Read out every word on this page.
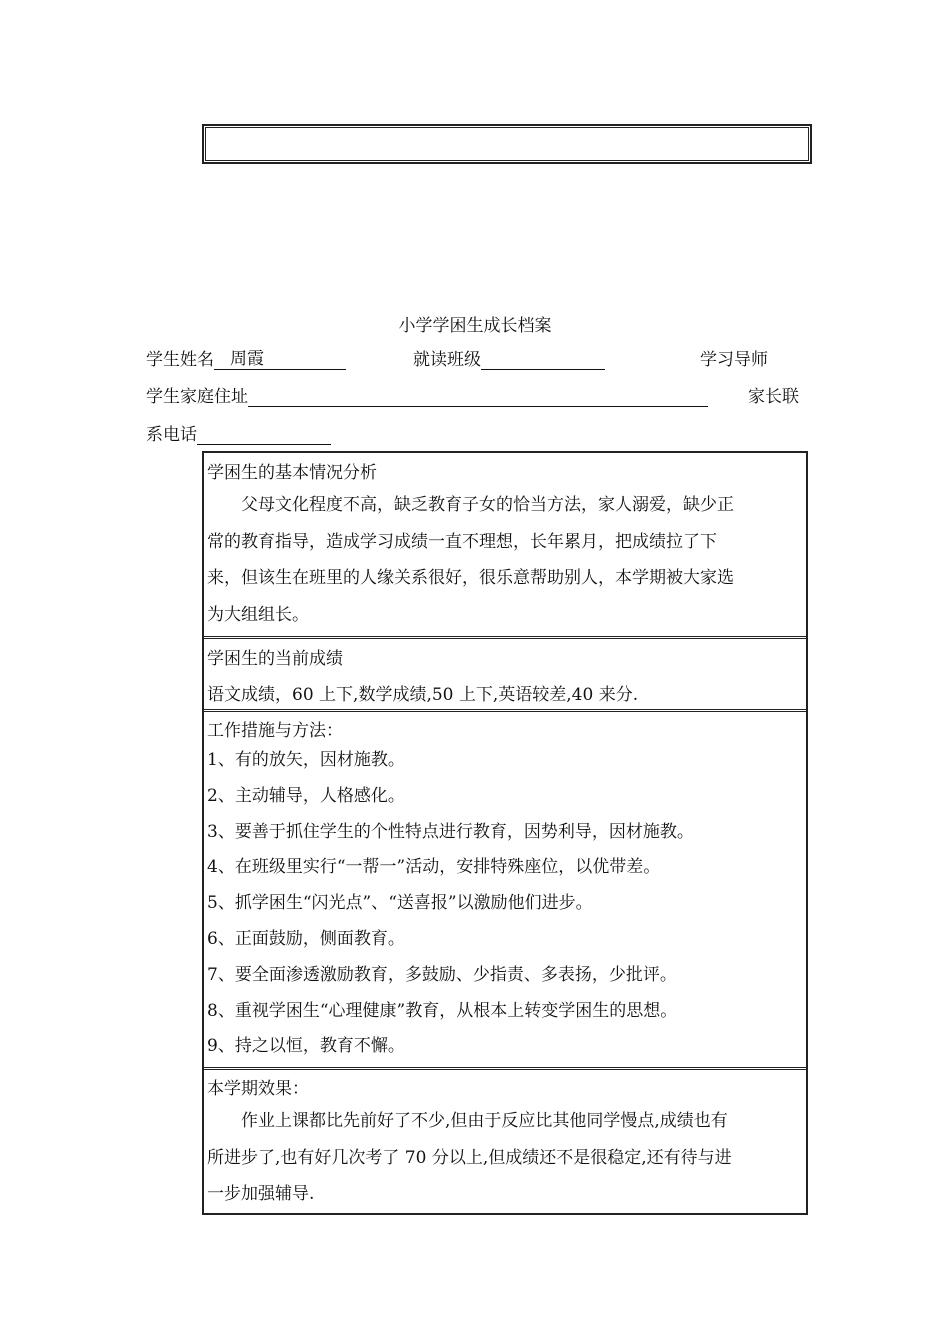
小学学困生成长档案
学生姓名 周霞	就读班级	学习导师
学生家庭住址	家长联
系电话
学困生的基本情况分析
　　父母文化程度不高，缺乏教育子女的恰当方法，家人溺爱，缺少正
常的教育指导，造成学习成绩一直不理想，长年累月，把成绩拉了下
来，但该生在班里的人缘关系很好，很乐意帮助别人，本学期被大家选
为大组组长。
学困生的当前成绩
语文成绩，60 上下,数学成绩,50 上下,英语较差,40 来分.
工作措施与方法：
1、有的放矢，因材施教。
2、主动辅导，人格感化。
3、要善于抓住学生的个性特点进行教育，因势利导，因材施教。
4、在班级里实行“一帮一”活动，安排特殊座位，以优带差。
5、抓学困生“闪光点”、“送喜报”以激励他们进步。
6、正面鼓励，侧面教育。
7、要全面渗透激励教育，多鼓励、少指责、多表扬，少批评。
8、重视学困生“心理健康”教育，从根本上转变学困生的思想。
9、持之以恒，教育不懈。
本学期效果：
　　作业上课都比先前好了不少,但由于反应比其他同学慢点,成绩也有
所进步了,也有好几次考了 70 分以上,但成绩还不是很稳定,还有待与进
一步加强辅导.
